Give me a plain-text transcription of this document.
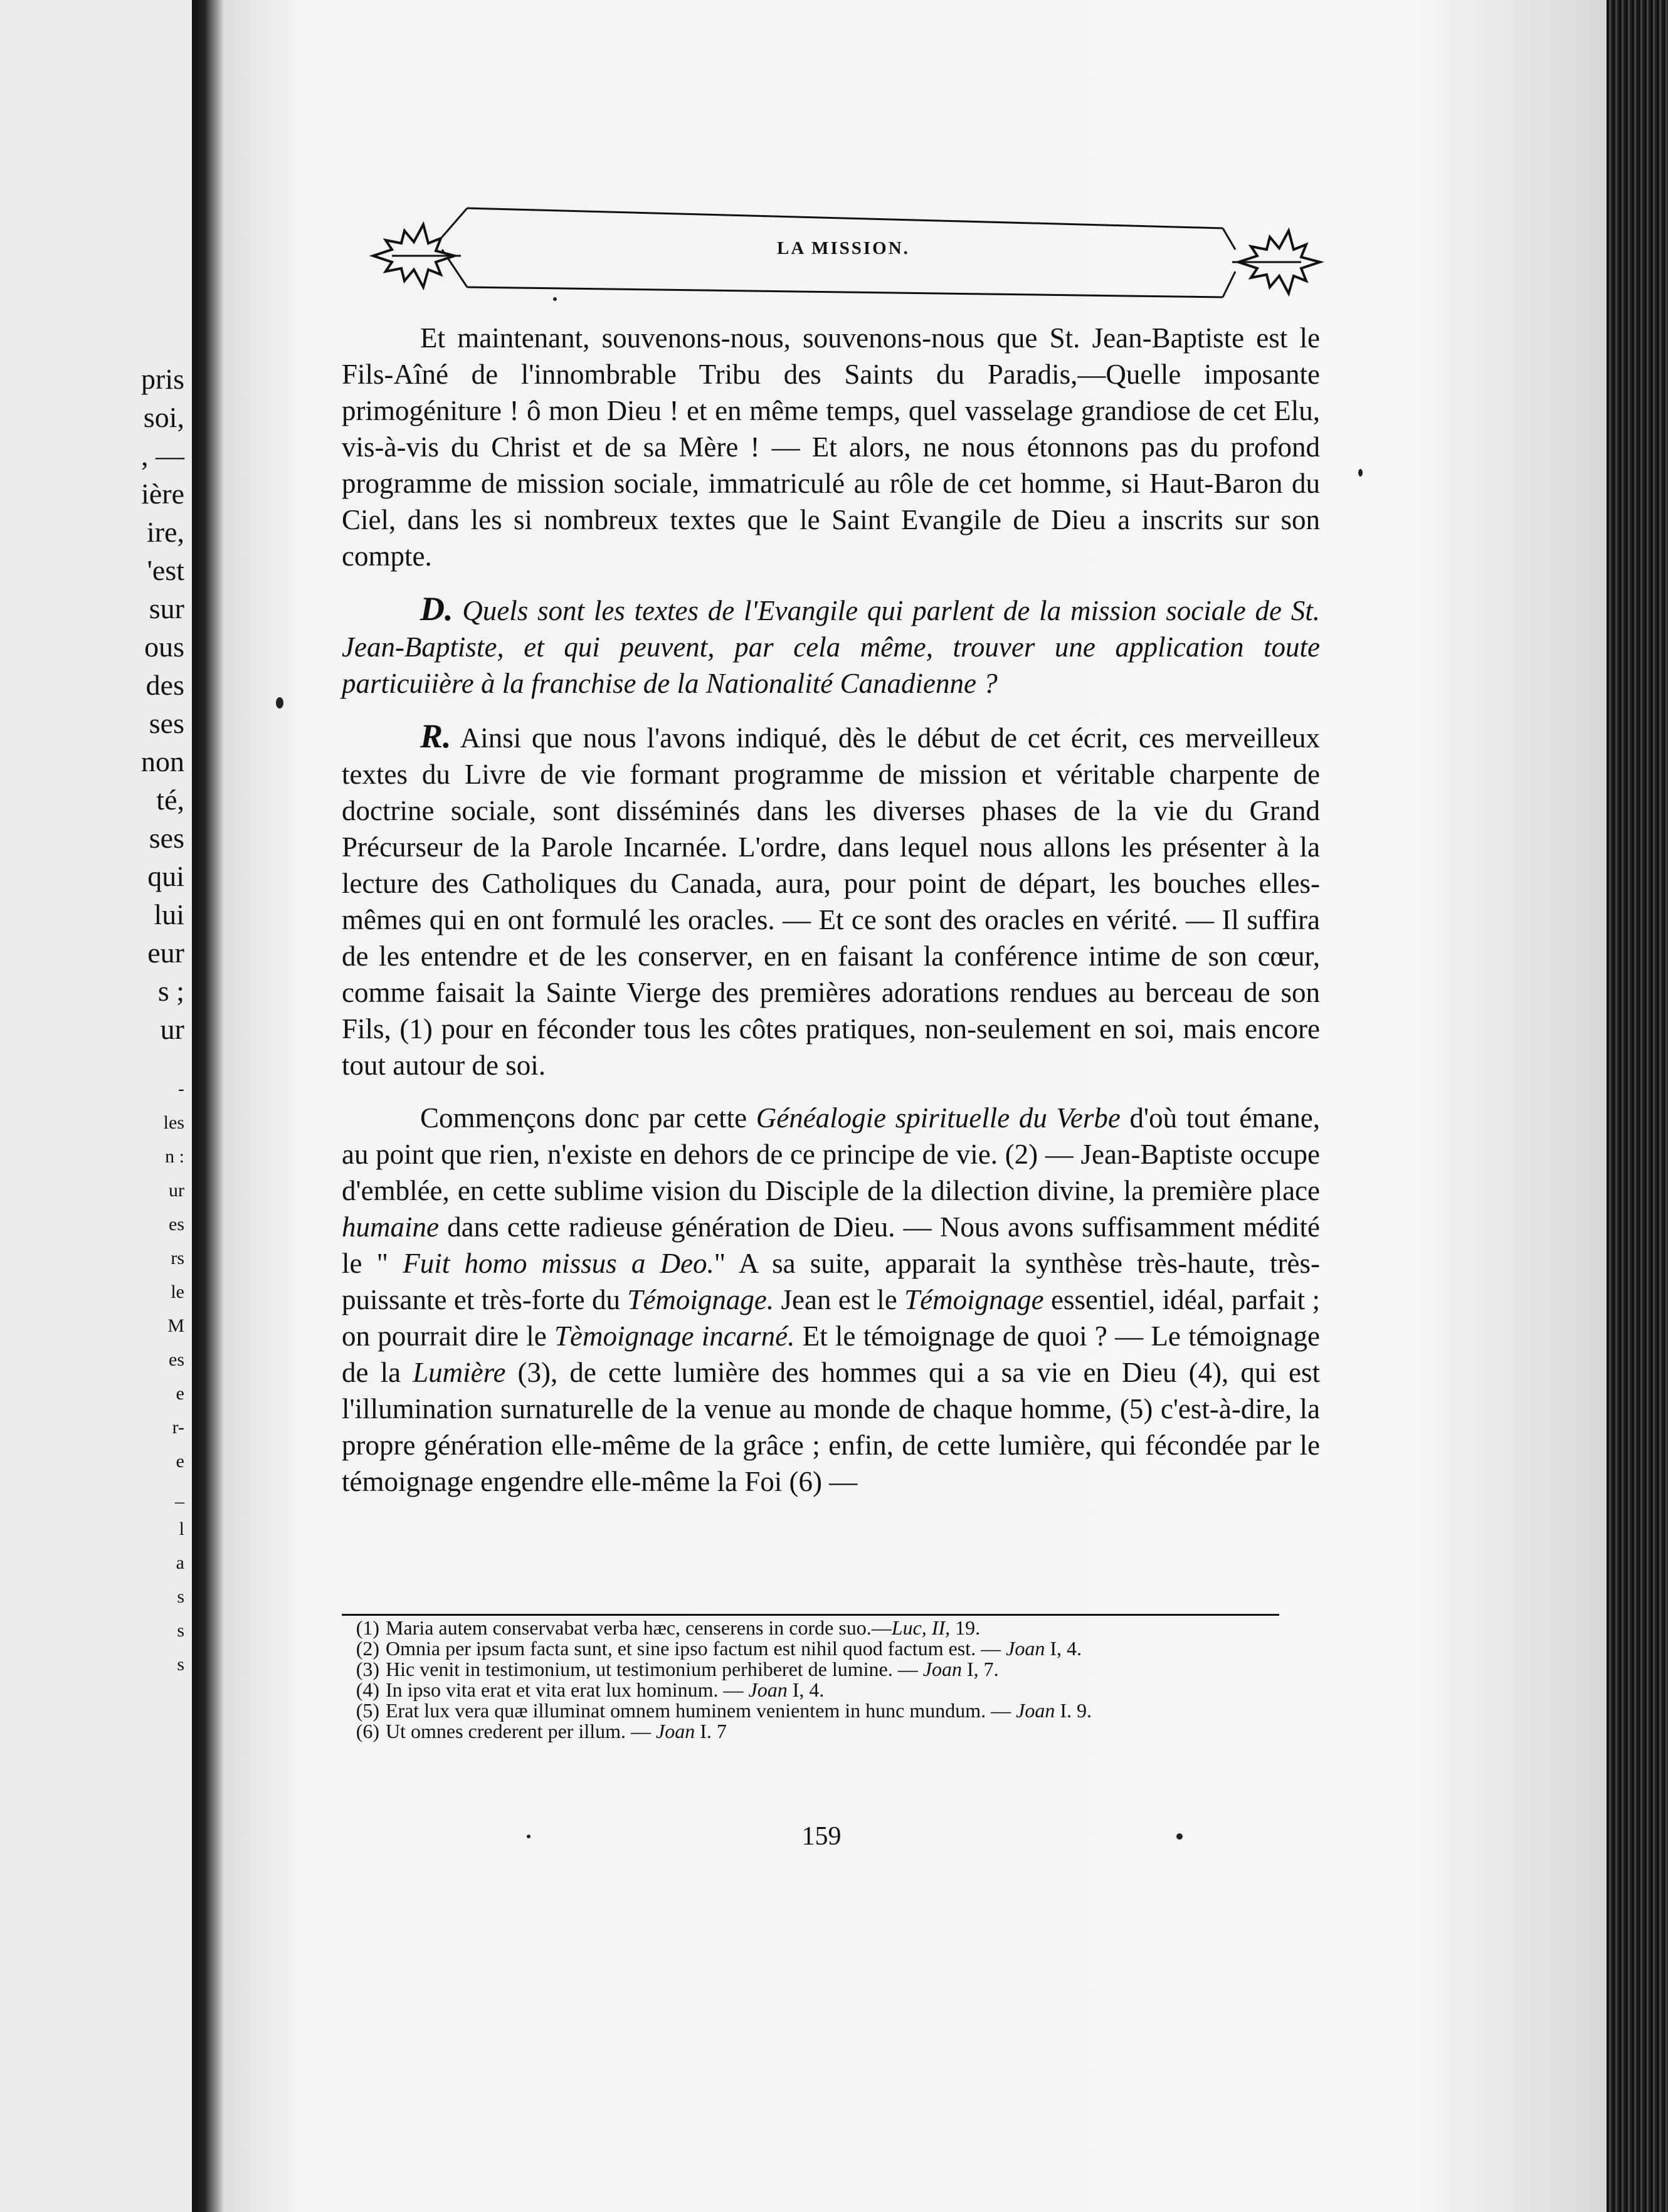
pris
soi,
, —
ière
ire,
'est
sur
ous
des
ses
non
té,
ses
qui
lui
eur
s ;
ur
-
les
n :
ur
es
rs
le
M
es
e
r-
e
_
l
a
s
s
s
LA MISSION.

Et maintenant, souvenons-nous, souvenons-nous que St. Jean-Baptiste est le Fils-Aîné de l'innombrable Tribu des Saints du Paradis,—Quelle imposante primogéniture ! ô mon Dieu ! et en même temps, quel vasselage grandiose de cet Elu, vis-à-vis du Christ et de sa Mère ! — Et alors, ne nous étonnons pas du profond programme de mission sociale, immatriculé au rôle de cet homme, si Haut-Baron du Ciel, dans les si nombreux textes que le Saint Evangile de Dieu a inscrits sur son compte.

D. Quels sont les textes de l'Evangile qui parlent de la mission sociale de St. Jean-Baptiste, et qui peuvent, par cela même, trouver une application toute particuiière à la franchise de la Nationalité Canadienne ?

R. Ainsi que nous l'avons indiqué, dès le début de cet écrit, ces merveilleux textes du Livre de vie formant programme de mission et véritable charpente de doctrine sociale, sont disséminés dans les diverses phases de la vie du Grand Précurseur de la Parole Incarnée. L'ordre, dans lequel nous allons les présenter à la lecture des Catholiques du Canada, aura, pour point de départ, les bouches elles-mêmes qui en ont formulé les oracles. — Et ce sont des oracles en vérité. — Il suffira de les entendre et de les conserver, en en faisant la conférence intime de son cœur, comme faisait la Sainte Vierge des premières adorations rendues au berceau de son Fils, (1) pour en féconder tous les côtes pratiques, non-seulement en soi, mais encore tout autour de soi.

Commençons donc par cette Généalogie spirituelle du Verbe d'où tout émane, au point que rien, n'existe en dehors de ce principe de vie. (2) — Jean-Baptiste occupe d'emblée, en cette sublime vision du Disciple de la dilection divine, la première place humaine dans cette radieuse génération de Dieu. — Nous avons suffisamment médité le " Fuit homo missus a Deo." A sa suite, apparait la synthèse très-haute, très-puissante et très-forte du Témoignage. Jean est le Témoignage essentiel, idéal, parfait ; on pourrait dire le Tèmoignage incarné. Et le témoignage de quoi ? — Le témoignage de la Lumière (3), de cette lumière des hommes qui a sa vie en Dieu (4), qui est l'illumination surnaturelle de la venue au monde de chaque homme, (5) c'est-à-dire, la propre génération elle-même de la grâce ; enfin, de cette lumière, qui fécondée par le témoignage engendre elle-même la Foi (6) —

(1) Maria autem conservabat verba hæc, censerens in corde suo.—Luc, II, 19.

(2) Omnia per ipsum facta sunt, et sine ipso factum est nihil quod factum est. — Joan I, 4.

(3) Hic venit in testimonium, ut testimonium perhiberet de lumine. — Joan I, 7.

(4) In ipso vita erat et vita erat lux hominum. — Joan I, 4.

(5) Erat lux vera quæ illuminat omnem huminem venientem in hunc mundum. — Joan I. 9.

(6) Ut omnes crederent per illum. — Joan I. 7

159
